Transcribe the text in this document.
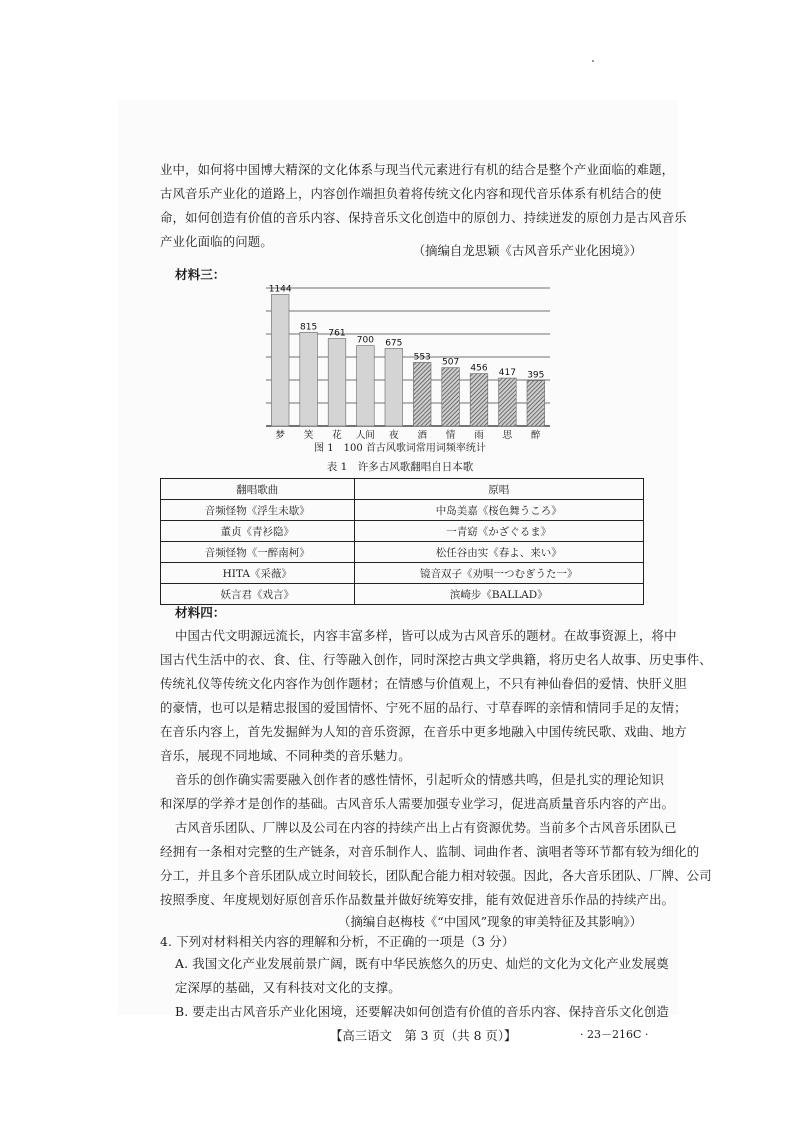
业中，如何将中国博大精深的文化体系与现当代元素进行有机的结合是整个产业面临的难题，
古风音乐产业化的道路上，内容创作端担负着将传统文化内容和现代音乐体系有机结合的使
命，如何创造有价值的音乐内容、保持音乐文化创造中的原创力、持续迸发的原创力是古风音乐
产业化面临的问题。
（摘编自龙思颖《古风音乐产业化困境》）
材料三：
1144
梦
815
笑
761
花
700
人间
675
夜
553
酒
507
情
456
雨
417
思
395
醉
图 1　100 首古风歌词常用词频率统计
表 1　许多古风歌翻唱自日本歌
翻唱歌曲	原唱
音频怪物《浮生未歇》	中岛美嘉《桜色舞うころ》
董贞《青衫隐》	一青窈《かざぐるま》
音频怪物《一醉南柯》	松任谷由实《春よ、来い》
HITA《采薇》	镜音双子《劝唄一つむぎうた一》
妖言君《戏言》	滨崎步《BALLAD》
材料四：
中国古代文明源远流长，内容丰富多样，皆可以成为古风音乐的题材。在故事资源上，将中
国古代生活中的衣、食、住、行等融入创作，同时深挖古典文学典籍，将历史名人故事、历史事件、
传统礼仪等传统文化内容作为创作题材；在情感与价值观上，不只有神仙眷侣的爱情、快肝义胆
的豪情，也可以是精忠报国的爱国情怀、宁死不屈的品行、寸草春晖的亲情和情同手足的友情；
在音乐内容上，首先发掘鲜为人知的音乐资源，在音乐中更多地融入中国传统民歌、戏曲、地方
音乐，展现不同地域、不同种类的音乐魅力。
音乐的创作确实需要融入创作者的感性情怀，引起听众的情感共鸣，但是扎实的理论知识
和深厚的学养才是创作的基础。古风音乐人需要加强专业学习，促进高质量音乐内容的产出。
古风音乐团队、厂牌以及公司在内容的持续产出上占有资源优势。当前多个古风音乐团队已
经拥有一条相对完整的生产链条，对音乐制作人、监制、词曲作者、演唱者等环节都有较为细化的
分工，并且多个音乐团队成立时间较长，团队配合能力相对较强。因此，各大音乐团队、厂牌、公司
按照季度、年度规划好原创音乐作品数量并做好统筹安排，能有效促进音乐作品的持续产出。
（摘编自赵梅枝《“中国风”现象的审美特征及其影响》）
4. 下列对材料相关内容的理解和分析，不正确的一项是（3 分）
A. 我国文化产业发展前景广阔，既有中华民族悠久的历史、灿烂的文化为文化产业发展奠
定深厚的基础，又有科技对文化的支撑。
B. 要走出古风音乐产业化困境，还要解决如何创造有价值的音乐内容、保持音乐文化创造
【高三语文　第 3 页（共 8 页）】	· 23－216C ·
